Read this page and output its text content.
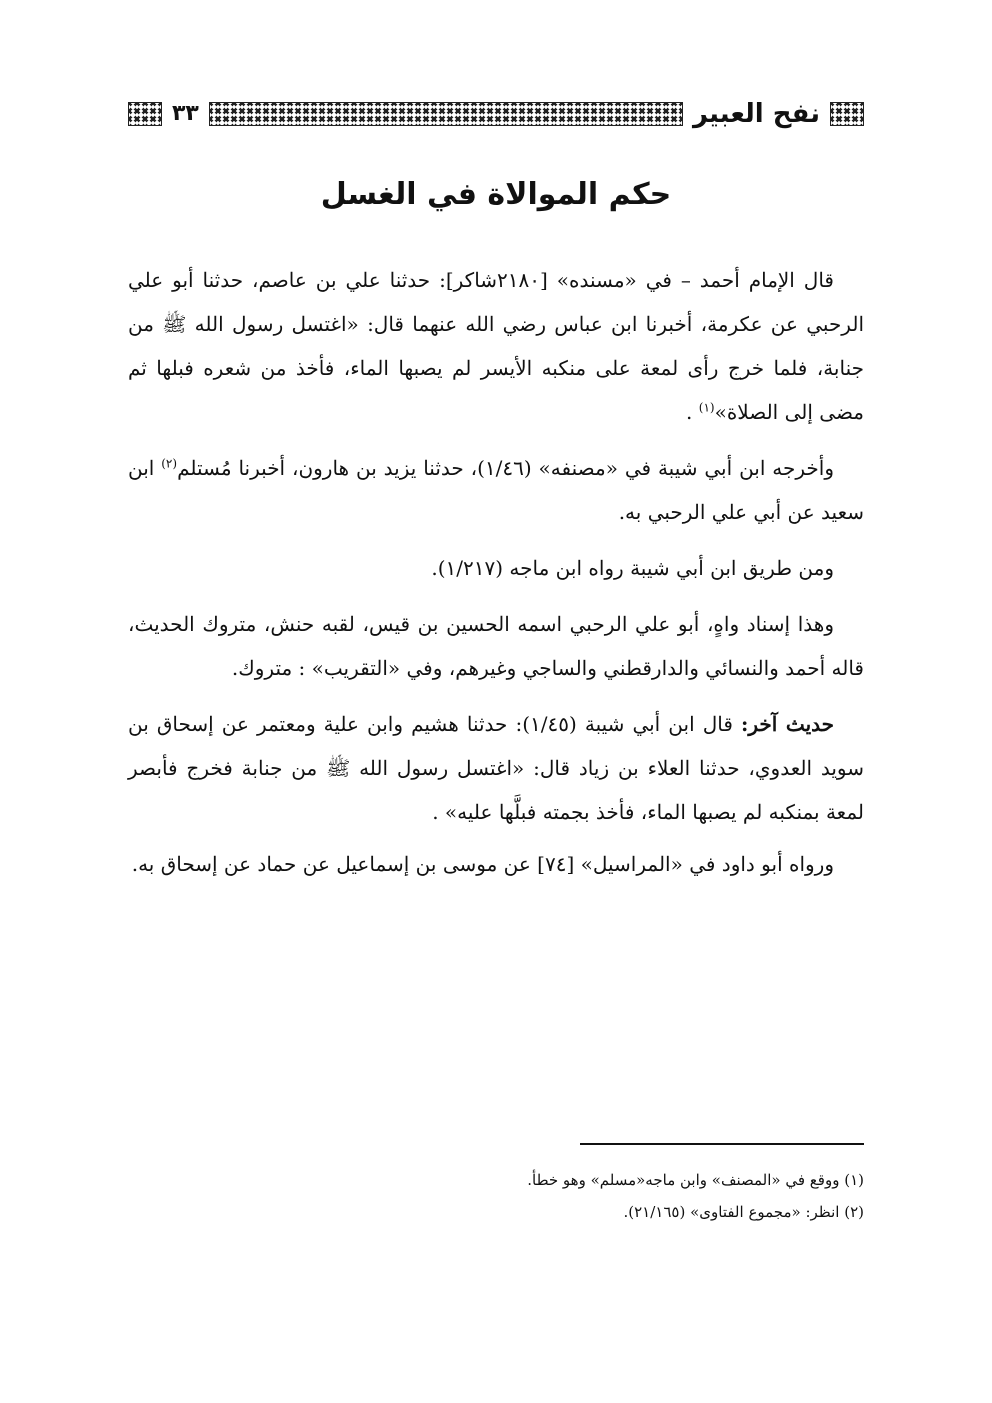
نفح العبير
٣٣
حكم الموالاة في الغسل

قال الإمام أحمد – في «مسنده» [٢١٨٠شاكر]: حدثنا علي بن عاصم، حدثنا أبو علي الرحبي عن عكرمة، أخبرنا ابن عباس رضي الله عنهما قال: «اغتسل رسول الله ﷺ من جنابة، فلما خرج رأى لمعة على منكبه الأيسر لم يصبها الماء، فأخذ من شعره فبلها ثم مضى إلى الصلاة»$^{(١)}$ .

وأخرجه ابن أبي شيبة في «مصنفه» (١/٤٦)، حدثنا يزيد بن هارون، أخبرنا مُستلم$^{(٢)}$ ابن سعيد عن أبي علي الرحبي به.

ومن طريق ابن أبي شيبة رواه ابن ماجه (١/٢١٧).

وهذا إسناد واهٍ، أبو علي الرحبي اسمه الحسين بن قيس، لقبه حنش، متروك الحديث، قاله أحمد والنسائي والدارقطني والساجي وغيرهم، وفي «التقريب» : متروك.

حديث آخر: قال ابن أبي شيبة (١/٤٥): حدثنا هشيم وابن علية ومعتمر عن إسحاق بن سويد العدوي، حدثنا العلاء بن زياد قال: «اغتسل رسول الله ﷺ من جنابة فخرج فأبصر لمعة بمنكبه لم يصبها الماء، فأخذ بجمته فبلَّها عليه» .

ورواه أبو داود في «المراسيل» [٧٤] عن موسى بن إسماعيل عن حماد عن إسحاق به.

(١) ووقع في «المصنف» وابن ماجه«مسلم» وهو خطأ.

(٢) انظر: «مجموع الفتاوى» (٢١/١٦٥).
